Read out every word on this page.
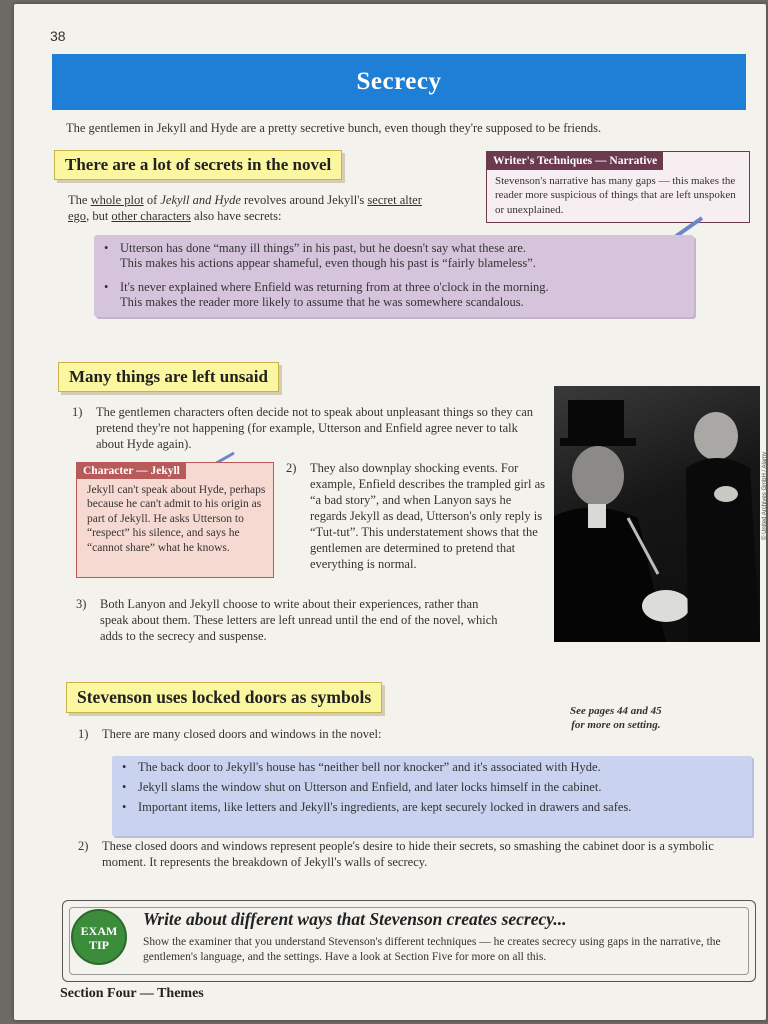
38
Secrecy
The gentlemen in Jekyll and Hyde are a pretty secretive bunch, even though they're supposed to be friends.
There are a lot of secrets in the novel
The whole plot of Jekyll and Hyde revolves around Jekyll's secret alter ego, but other characters also have secrets:
Writer's Techniques — Narrative
Stevenson's narrative has many gaps — this makes the reader more suspicious of things that are left unspoken or unexplained.
• Utterson has done “many ill things” in his past, but he doesn't say what these are.
This makes his actions appear shameful, even though his past is “fairly blameless”.
• It's never explained where Enfield was returning from at three o'clock in the morning.
This makes the reader more likely to assume that he was somewhere scandalous.
Many things are left unsaid
1)	The gentlemen characters often decide not to speak about unpleasant things so they can pretend they're not happening (for example, Utterson and Enfield agree never to talk about Hyde again).
Character — Jekyll
Jekyll can't speak about Hyde, perhaps because he can't admit to his origin as part of Jekyll. He asks Utterson to “respect” his silence, and says he “cannot share” what he knows.
2)	They also downplay shocking events. For example, Enfield describes the trampled girl as “a bad story”, and when Lanyon says he regards Jekyll as dead, Utterson's only reply is “Tut-tut”. This understatement shows that the gentlemen are determined to pretend that everything is normal.
3)	Both Lanyon and Jekyll choose to write about their experiences, rather than speak about them. These letters are left unread until the end of the novel, which adds to the secrecy and suspense.
© United Archives GmbH / Alamy
Stevenson uses locked doors as symbols
See pages 44 and 45
for more on setting.
1)	There are many closed doors and windows in the novel:
• The back door to Jekyll's house has “neither bell nor knocker” and it's associated with Hyde.
• Jekyll slams the window shut on Utterson and Enfield, and later locks himself in the cabinet.
• Important items, like letters and Jekyll's ingredients, are kept securely locked in drawers and safes.
2)	These closed doors and windows represent people's desire to hide their secrets, so smashing the cabinet door is a symbolic moment. It represents the breakdown of Jekyll's walls of secrecy.
EXAM
TIP
Write about different ways that Stevenson creates secrecy...
Show the examiner that you understand Stevenson's different techniques — he creates secrecy using gaps in the narrative, the gentlemen's language, and the settings. Have a look at Section Five for more on all this.
Section Four — Themes
